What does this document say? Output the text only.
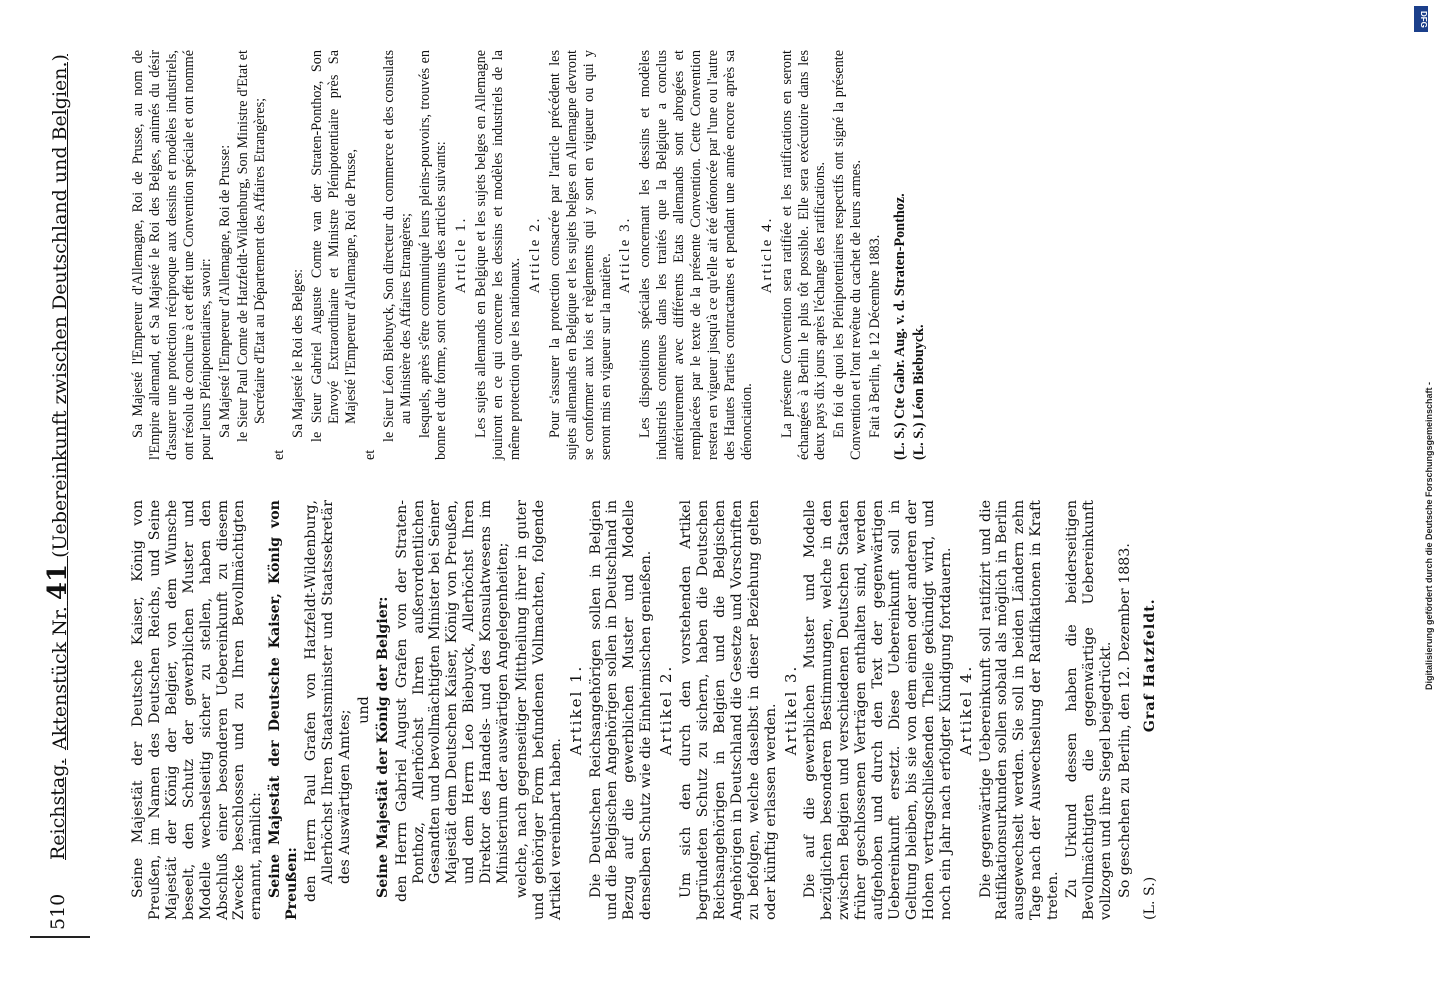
510
Reichstag.
Aktenstück Nr. 41 (Uebereinkunft zwischen Deutschland und Belgien.)

Seine Majestät der Deutsche Kaiser, König von Preußen, im Namen des Deutschen Reichs, und Seine Majestät der König der Belgier, von dem Wunsche beseelt, den Schutz der gewerblichen Muster und Modelle wechselseitig sicher zu stellen, haben den Abschluß einer besonderen Uebereinkunft zu diesem Zwecke beschlossen und zu Ihren Bevollmächtigten ernannt, nämlich: Seine Majestät der Deutsche Kaiser, König von Preußen: den Herrn Paul Grafen von Hatzfeldt-Wildenburg, Allerhöchst Ihren Staatsminister und Staatssekretär des Auswärtigen Amtes; und Seine Majestät der König der Belgier: den Herrn Gabriel August Grafen von der Straten-Ponthoz, Allerhöchst Ihren außerordentlichen Gesandten und bevollmächtigten Minister bei Seiner Majestät dem Deutschen Kaiser, König von Preußen, und dem Herrn Leo Biebuyck, Allerhöchst Ihren Direktor des Handels- und des Konsulatwesens im Ministerium der auswärtigen Angelegenheiten; welche, nach gegenseitiger Mittheilung ihrer in guter und gehöriger Form befundenen Vollmachten, folgende Artikel vereinbart haben.

Artikel 1. Die Deutschen Reichsangehörigen sollen in Belgien und die Belgischen Angehörigen sollen in Deutschland in Bezug auf die gewerblichen Muster und Modelle denselben Schutz wie die Einheimischen genießen. Artikel 2. Um sich den durch den vorstehenden Artikel begründeten Schutz zu sichern, haben die Deutschen Reichsangehörigen in Belgien und die Belgischen Angehörigen in Deutschland die Gesetze und Vorschriften zu befolgen, welche daselbst in dieser Beziehung gelten oder künftig erlassen werden. Artikel 3. Die auf die gewerblichen Muster und Modelle bezüglichen besonderen Bestimmungen, welche in den zwischen Belgien und verschiedenen Deutschen Staaten früher geschlossenen Verträgen enthalten sind, werden aufgehoben und durch den Text der gegenwärtigen Uebereinkunft ersetzt. Diese Uebereinkunft soll in Geltung bleiben, bis sie von dem einen oder anderen der Hohen vertragschließenden Theile gekündigt wird, und noch ein Jahr nach erfolgter Kündigung fortdauern. Artikel 4. Die gegenwärtige Uebereinkunft soll ratifizirt und die Ratifikationsurkunden sollen sobald als möglich in Berlin ausgewechselt werden. Sie soll in beiden Ländern zehn Tage nach der Auswechselung der Ratifikationen in Kraft treten. Zu Urkund dessen haben die beiderseitigen Bevollmächtigten die gegenwärtige Uebereinkunft vollzogen und ihre Siegel beigedrückt. So geschehen zu Berlin, den 12. Dezember 1883.

(L. S.) Graf Hatzfeldt.

Sa Majesté l'Empereur d'Allemagne, Roi de Prusse, au nom de l'Empire allemand, et Sa Majesté le Roi des Belges, animés du désir d'assurer une protection réciproque aux dessins et modèles industriels, ont résolu de conclure à cet effet une Convention spéciale et ont nommé pour leurs Plénipotentiaires, savoir: Sa Majesté l'Empereur d'Allemagne, Roi de Prusse: le Sieur Paul Comte de Hatzfeldt-Wildenburg, Son Ministre d'Etat et Secrétaire d'Etat au Département des Affaires Etrangères;

et

Sa Majesté le Roi des Belges: le Sieur Gabriel Auguste Comte van der Straten-Ponthoz, Son Envoyé Extraordinaire et Ministre Plénipotentiaire près Sa Majesté l'Empereur d'Allemagne, Roi de Prusse,

et

le Sieur Léon Biebuyck, Son directeur du commerce et des consulats au Ministère des Affaires Etrangères; lesquels, après s'être communiqué leurs pleins-pouvoirs, trouvés en bonne et due forme, sont convenus des articles suivants: Article 1. Les sujets allemands en Belgique et les sujets belges en Allemagne jouiront en ce qui concerne les dessins et modèles industriels de la même protection que les nationaux.

Article 2. Pour s'assurer la protection consacrée par l'article précédent les sujets allemands en Belgique et les sujets belges en Allemagne devront se conformer aux lois et règlements qui y sont en vigueur ou qui y seront mis en vigueur sur la matière. Article 3. Les dispositions spéciales concernant les dessins et modèles industriels contenues dans les traités que la Belgique a conclus antérieurement avec différents Etats allemands sont abrogées et remplacées par le texte de la présente Convention. Cette Convention restera en vigueur jusqu'à ce qu'elle ait été dénoncée par l'une ou l'autre des Hautes Parties contractantes et pendant une année encore après sa dénonciation.

Article 4. La présente Convention sera ratifiée et les ratifications en seront échangées à Berlin le plus tôt possible. Elle sera exécutoire dans les deux pays dix jours après l'échange des ratifications. En foi de quoi les Plénipotentiaires respectifs ont signé la présente Convention et l'ont revêtue du cachet de leurs armes. Fait à Berlin, le 12 Décembre 1883. (L. S.) Cte Gabr. Aug. v. d. Straten-Ponthoz. (L. S.) Léon Biebuyck.

DFG
Digitalisierung gefördert durch die Deutsche Forschungsgemeinschaft -
